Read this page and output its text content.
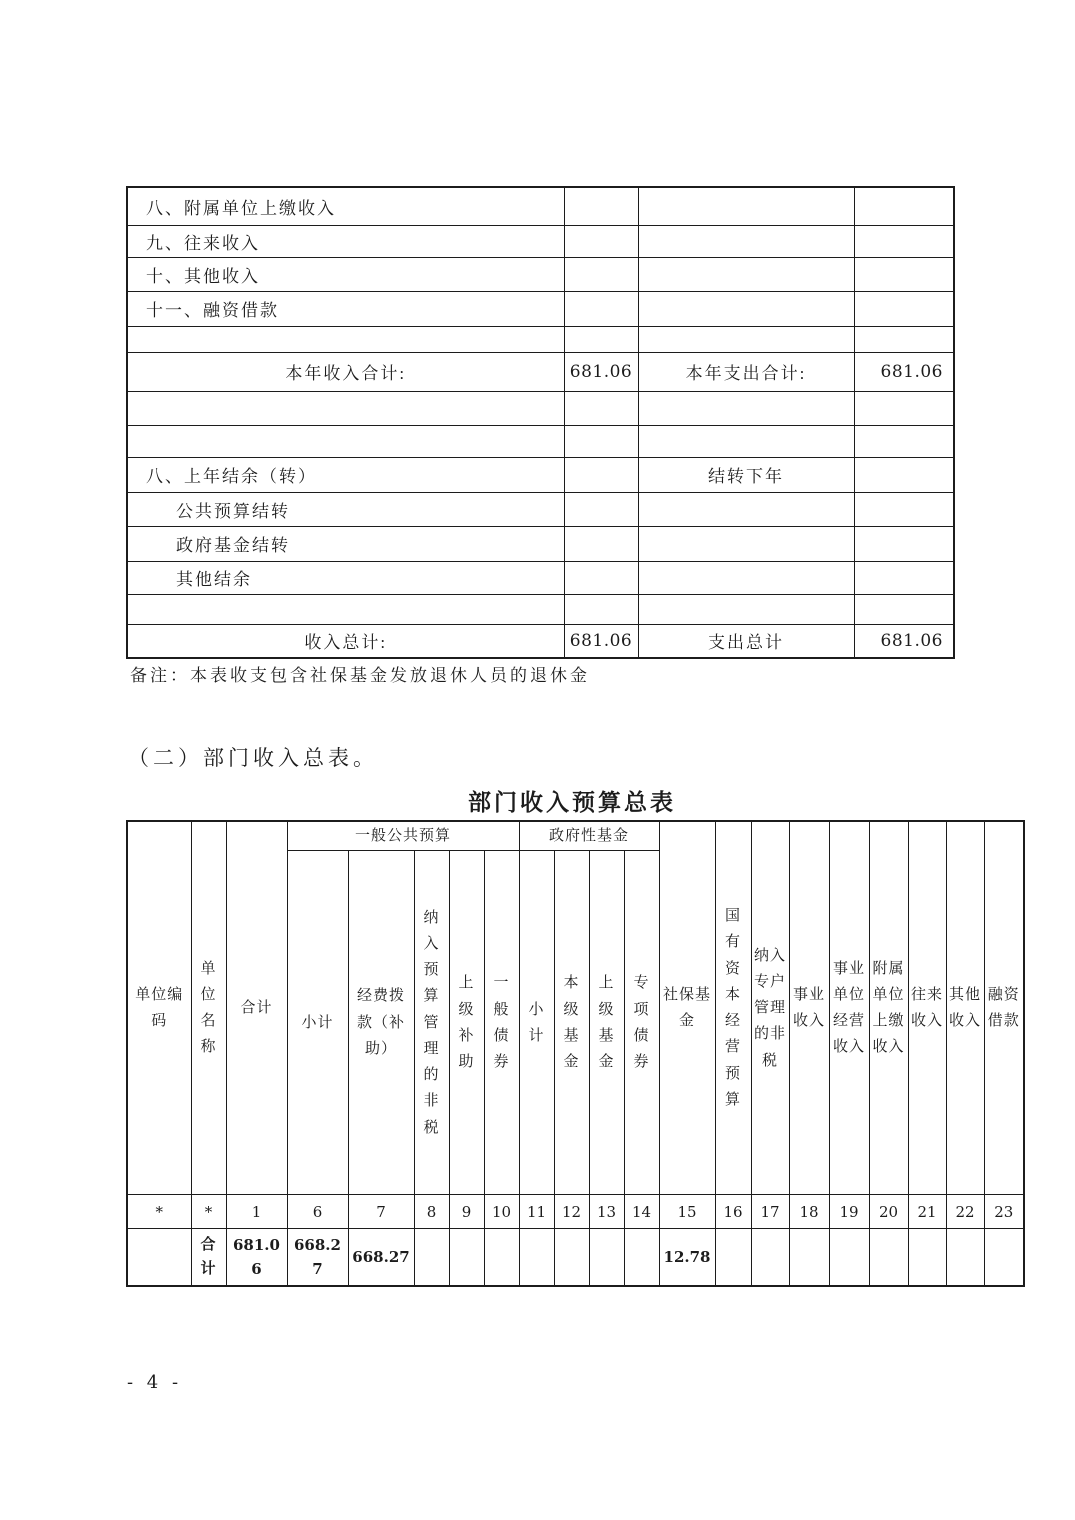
八、附属单位上缴收入			
九、往来收入			
十、其他收入			
十一、融资借款			

本年收入合计:	681.06	本年支出合计:	681.06

八、上年结余（转）		结转下年	
公共预算结转			
政府基金结转			
其他结余			

收入总计:	681.06	支出总计	681.06
备注：本表收支包含社保基金发放退休人员的退休金
（二）部门收入总表。
部门收入预算总表
单位编码	单位名称	合计	一般公共预算					政府性基金				社保基金	国有资本经营预算	纳入专户管理的非税	事业收入	事业单位经营收入	附属单位上缴收入	往来收入	其他收入	融资借款
			小计	经费拨款（补助）	纳入预算管理的非税	上级补助	一般债券	小计	本级基金	上级基金	专项债券									
*	*	1	6	7	8	9	10	11	12	13	14	15	16	17	18	19	20	21	22	23
	合计	681.06	668.27	668.27								12.78								
- 4 -
